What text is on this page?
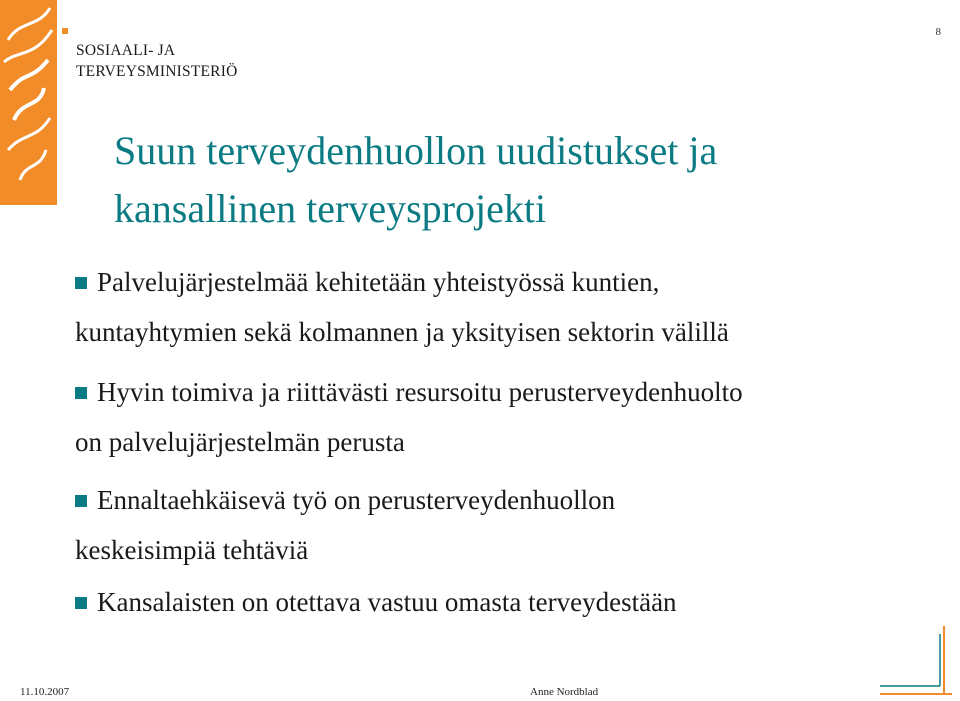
SOSIAALI- JA
TERVEYSMINISTERIÖ
8
Suun terveydenhuollon uudistukset ja
kansallinen terveysprojekti
Palvelujärjestelmää kehitetään yhteistyössä kuntien,
kuntayhtymien sekä kolmannen ja yksityisen sektorin välillä
Hyvin toimiva ja riittävästi resursoitu perusterveydenhuolto
on palvelujärjestelmän perusta
Ennaltaehkäisevä työ on perusterveydenhuollon
keskeisimpiä tehtäviä
Kansalaisten on otettava vastuu omasta terveydestään
11.10.2007	Anne Nordblad
